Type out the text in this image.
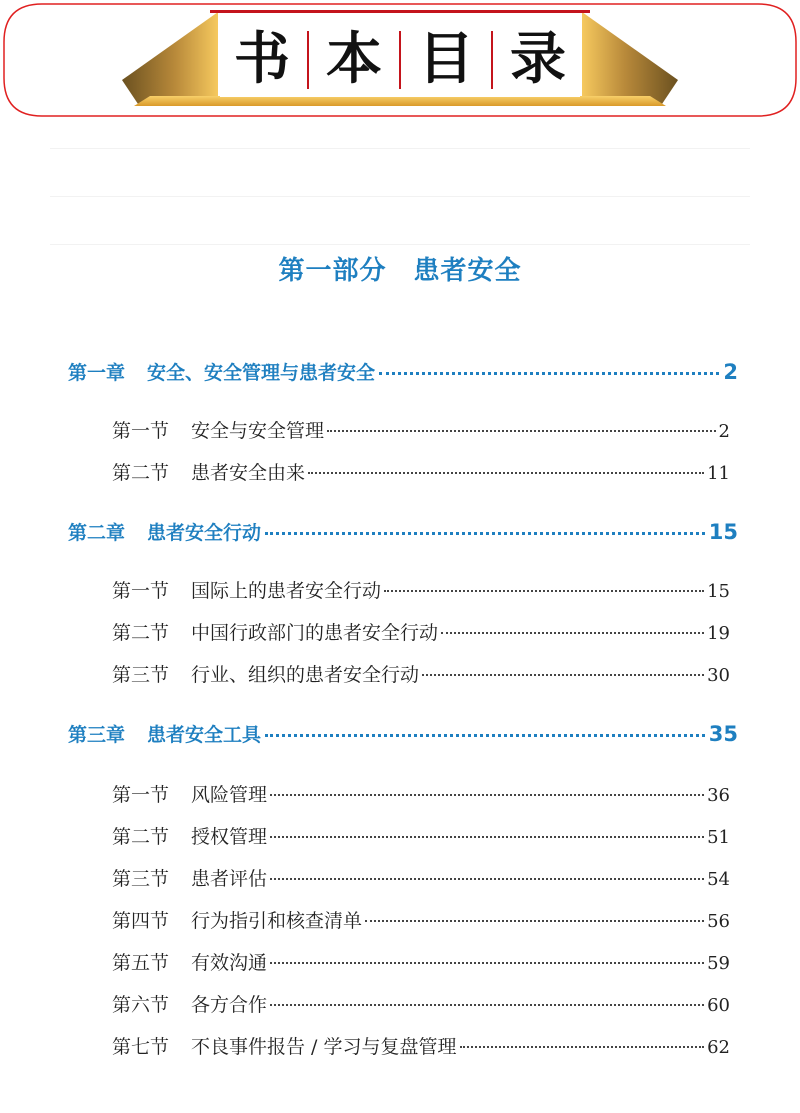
书 本 目 录
第一部分　患者安全
第一章 安全、安全管理与患者安全	2
第一节 安全与安全管理	2
第二节 患者安全由来	11
第二章 患者安全行动	15
第一节 国际上的患者安全行动	15
第二节 中国行政部门的患者安全行动	19
第三节 行业、组织的患者安全行动	30
第三章 患者安全工具	35
第一节 风险管理	36
第二节 授权管理	51
第三节 患者评估	54
第四节 行为指引和核查清单	56
第五节 有效沟通	59
第六节 各方合作	60
第七节 不良事件报告 / 学习与复盘管理	62
